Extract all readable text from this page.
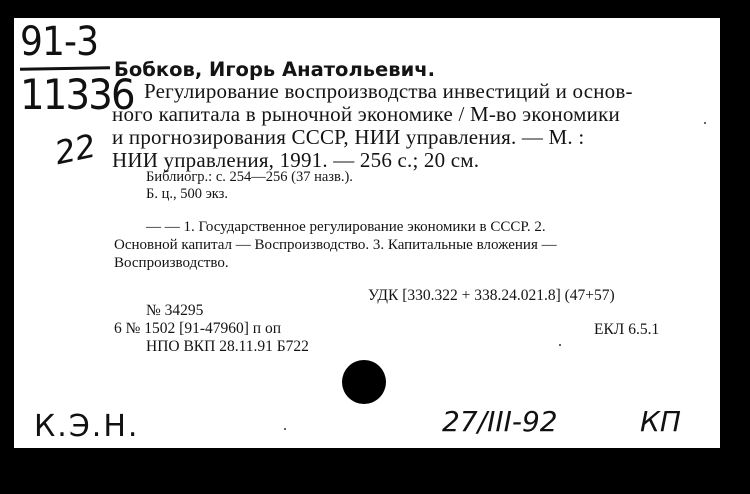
91-3
11336
22
Бобков, Игорь Анатольевич.
Регулирование воспроизводства инвестиций и основ-
ного капитала в рыночной экономике / М-во экономики
и прогнозирования СССР, НИИ управления. — М. :
НИИ управления, 1991. — 256 с.; 20 см.
Библиогр.: с. 254—256 (37 назв.).
Б. ц., 500 экз.
— — 1. Государственное регулирование экономики в СССР. 2.
Основной капитал — Воспроизводство. 3. Капитальные вложения —
Воспроизводство.
УДК [330.322 + 338.24.021.8] (47+57)
№ 34295
6 № 1502 [91-47960] п оп	ЕКЛ 6.5.1
НПО ВКП 28.11.91 Б722
К.Э.Н.	27/III-92	КП
